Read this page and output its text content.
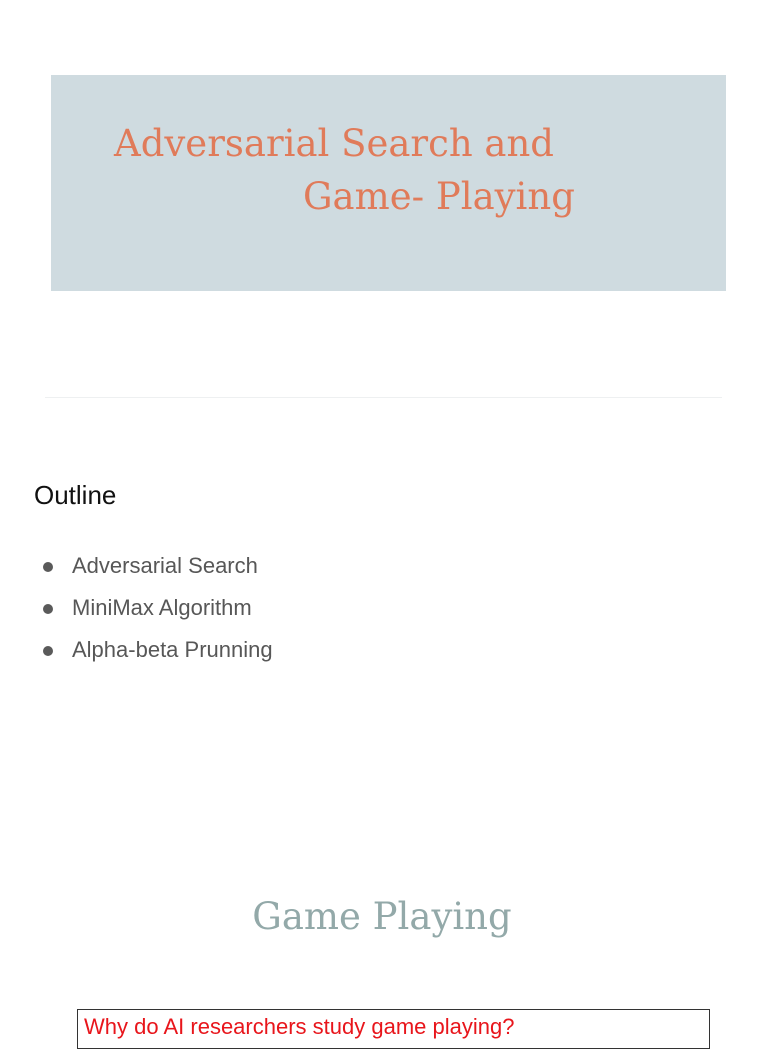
Adversarial Search and
Game- Playing
Outline
Adversarial Search
MiniMax Algorithm
Alpha-beta Prunning
Game Playing
Why do AI researchers study game playing?
